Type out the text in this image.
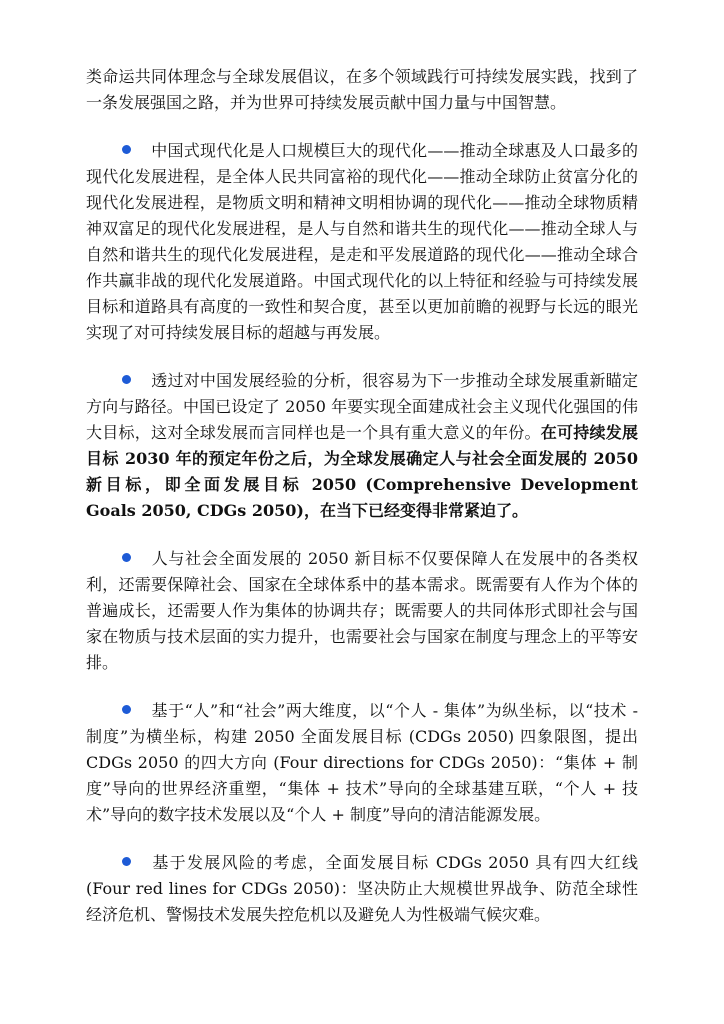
类命运共同体理念与全球发展倡议，在多个领域践行可持续发展实践，找到了一条发展强国之路，并为世界可持续发展贡献中国力量与中国智慧。

中国式现代化是人口规模巨大的现代化——推动全球惠及人口最多的现代化发展进程，是全体人民共同富裕的现代化——推动全球防止贫富分化的现代化发展进程，是物质文明和精神文明相协调的现代化——推动全球物质精神双富足的现代化发展进程，是人与自然和谐共生的现代化——推动全球人与自然和谐共生的现代化发展进程，是走和平发展道路的现代化——推动全球合作共赢非战的现代化发展道路。中国式现代化的以上特征和经验与可持续发展目标和道路具有高度的一致性和契合度，甚至以更加前瞻的视野与长远的眼光实现了对可持续发展目标的超越与再发展。

透过对中国发展经验的分析，很容易为下一步推动全球发展重新瞄定方向与路径。中国已设定了 2050 年要实现全面建成社会主义现代化强国的伟大目标，这对全球发展而言同样也是一个具有重大意义的年份。在可持续发展目标 2030 年的预定年份之后，为全球发展确定人与社会全面发展的 2050 新目标，即全面发展目标 2050 (Comprehensive Development Goals 2050, CDGs 2050)，在当下已经变得非常紧迫了。

人与社会全面发展的 2050 新目标不仅要保障人在发展中的各类权利，还需要保障社会、国家在全球体系中的基本需求。既需要有人作为个体的普遍成长，还需要人作为集体的协调共存；既需要人的共同体形式即社会与国家在物质与技术层面的实力提升，也需要社会与国家在制度与理念上的平等安排。

基于“人”和“社会”两大维度，以“个人 - 集体”为纵坐标，以“技术 - 制度”为横坐标，构建 2050 全面发展目标 (CDGs 2050) 四象限图，提出 CDGs 2050 的四大方向 (Four directions for CDGs 2050)：“集体 + 制度”导向的世界经济重塑，“集体 + 技术”导向的全球基建互联，“个人 + 技术”导向的数字技术发展以及“个人 + 制度”导向的清洁能源发展。

基于发展风险的考虑，全面发展目标 CDGs 2050 具有四大红线 (Four red lines for CDGs 2050)：坚决防止大规模世界战争、防范全球性经济危机、警惕技术发展失控危机以及避免人为性极端气候灾难。
